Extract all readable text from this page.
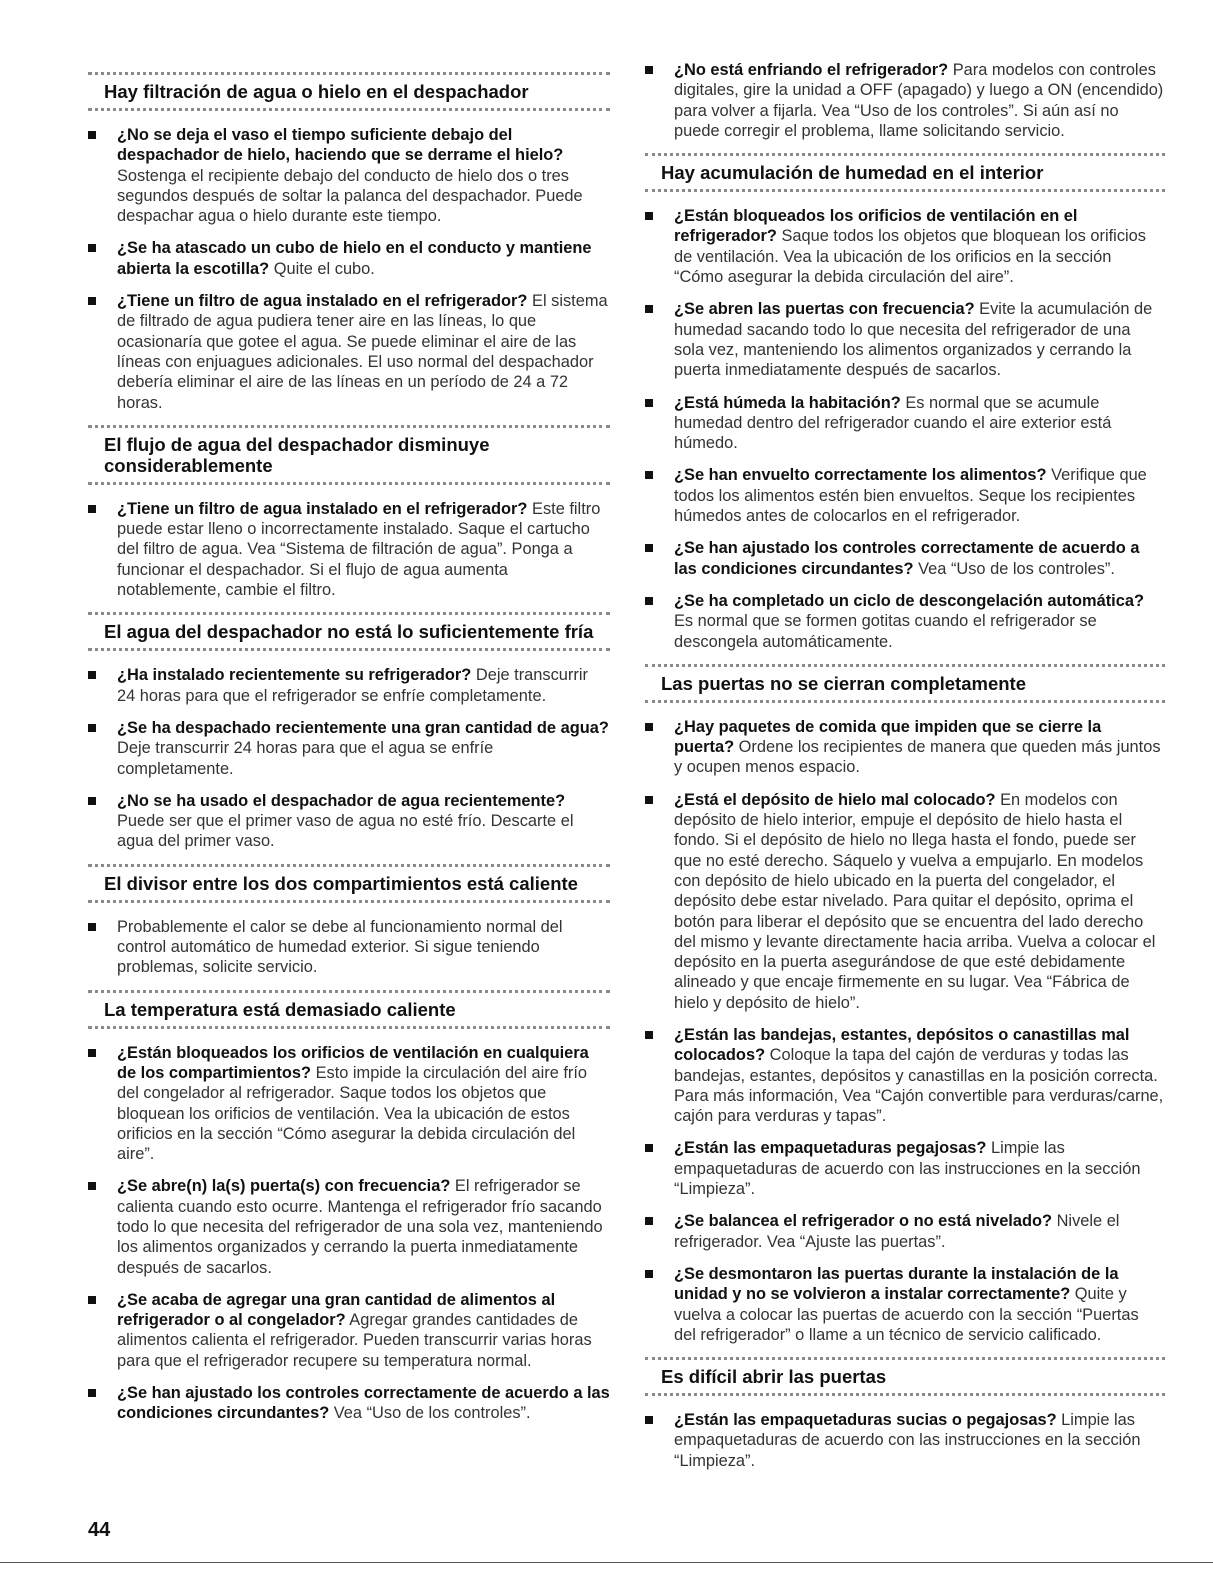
Hay filtración de agua o hielo en el despachador
¿No se deja el vaso el tiempo suficiente debajo del despachador de hielo, haciendo que se derrame el hielo? Sostenga el recipiente debajo del conducto de hielo dos o tres segundos después de soltar la palanca del despachador. Puede despachar agua o hielo durante este tiempo.
¿Se ha atascado un cubo de hielo en el conducto y mantiene abierta la escotilla? Quite el cubo.
¿Tiene un filtro de agua instalado en el refrigerador? El sistema de filtrado de agua pudiera tener aire en las líneas, lo que ocasionaría que gotee el agua. Se puede eliminar el aire de las líneas con enjuagues adicionales. El uso normal del despachador debería eliminar el aire de las líneas en un período de 24 a 72 horas.
El flujo de agua del despachador disminuye considerablemente
¿Tiene un filtro de agua instalado en el refrigerador? Este filtro puede estar lleno o incorrectamente instalado. Saque el cartucho del filtro de agua. Vea “Sistema de filtración de agua”. Ponga a funcionar el despachador. Si el flujo de agua aumenta notablemente, cambie el filtro.
El agua del despachador no está lo suficientemente fría
¿Ha instalado recientemente su refrigerador? Deje transcurrir 24 horas para que el refrigerador se enfríe completamente.
¿Se ha despachado recientemente una gran cantidad de agua? Deje transcurrir 24 horas para que el agua se enfríe completamente.
¿No se ha usado el despachador de agua recientemente? Puede ser que el primer vaso de agua no esté frío. Descarte el agua del primer vaso.
El divisor entre los dos compartimientos está caliente
Probablemente el calor se debe al funcionamiento normal del control automático de humedad exterior. Si sigue teniendo problemas, solicite servicio.
La temperatura está demasiado caliente
¿Están bloqueados los orificios de ventilación en cualquiera de los compartimientos? Esto impide la circulación del aire frío del congelador al refrigerador. Saque todos los objetos que bloquean los orificios de ventilación. Vea la ubicación de estos orificios en la sección “Cómo asegurar la debida circulación del aire”.
¿Se abre(n) la(s) puerta(s) con frecuencia? El refrigerador se calienta cuando esto ocurre. Mantenga el refrigerador frío sacando todo lo que necesita del refrigerador de una sola vez, manteniendo los alimentos organizados y cerrando la puerta inmediatamente después de sacarlos.
¿Se acaba de agregar una gran cantidad de alimentos al refrigerador o al congelador? Agregar grandes cantidades de alimentos calienta el refrigerador. Pueden transcurrir varias horas para que el refrigerador recupere su temperatura normal.
¿Se han ajustado los controles correctamente de acuerdo a las condiciones circundantes? Vea “Uso de los controles”.
¿No está enfriando el refrigerador? Para modelos con controles digitales, gire la unidad a OFF (apagado) y luego a ON (encendido) para volver a fijarla. Vea “Uso de los controles”. Si aún así no puede corregir el problema, llame solicitando servicio.
Hay acumulación de humedad en el interior
¿Están bloqueados los orificios de ventilación en el refrigerador? Saque todos los objetos que bloquean los orificios de ventilación. Vea la ubicación de los orificios en la sección “Cómo asegurar la debida circulación del aire”.
¿Se abren las puertas con frecuencia? Evite la acumulación de humedad sacando todo lo que necesita del refrigerador de una sola vez, manteniendo los alimentos organizados y cerrando la puerta inmediatamente después de sacarlos.
¿Está húmeda la habitación? Es normal que se acumule humedad dentro del refrigerador cuando el aire exterior está húmedo.
¿Se han envuelto correctamente los alimentos? Verifique que todos los alimentos estén bien envueltos. Seque los recipientes húmedos antes de colocarlos en el refrigerador.
¿Se han ajustado los controles correctamente de acuerdo a las condiciones circundantes? Vea “Uso de los controles”.
¿Se ha completado un ciclo de descongelación automática? Es normal que se formen gotitas cuando el refrigerador se descongela automáticamente.
Las puertas no se cierran completamente
¿Hay paquetes de comida que impiden que se cierre la puerta? Ordene los recipientes de manera que queden más juntos y ocupen menos espacio.
¿Está el depósito de hielo mal colocado? En modelos con depósito de hielo interior, empuje el depósito de hielo hasta el fondo. Si el depósito de hielo no llega hasta el fondo, puede ser que no esté derecho. Sáquelo y vuelva a empujarlo. En modelos con depósito de hielo ubicado en la puerta del congelador, el depósito debe estar nivelado. Para quitar el depósito, oprima el botón para liberar el depósito que se encuentra del lado derecho del mismo y levante directamente hacia arriba. Vuelva a colocar el depósito en la puerta asegurándose de que esté debidamente alineado y que encaje firmemente en su lugar. Vea “Fábrica de hielo y depósito de hielo”.
¿Están las bandejas, estantes, depósitos o canastillas mal colocados? Coloque la tapa del cajón de verduras y todas las bandejas, estantes, depósitos y canastillas en la posición correcta. Para más información, Vea “Cajón convertible para verduras/carne, cajón para verduras y tapas”.
¿Están las empaquetaduras pegajosas? Limpie las empaquetaduras de acuerdo con las instrucciones en la sección “Limpieza”.
¿Se balancea el refrigerador o no está nivelado? Nivele el refrigerador. Vea “Ajuste las puertas”.
¿Se desmontaron las puertas durante la instalación de la unidad y no se volvieron a instalar correctamente? Quite y vuelva a colocar las puertas de acuerdo con la sección “Puertas del refrigerador” o llame a un técnico de servicio calificado.
Es difícil abrir las puertas
¿Están las empaquetaduras sucias o pegajosas? Limpie las empaquetaduras de acuerdo con las instrucciones en la sección “Limpieza”.
44
